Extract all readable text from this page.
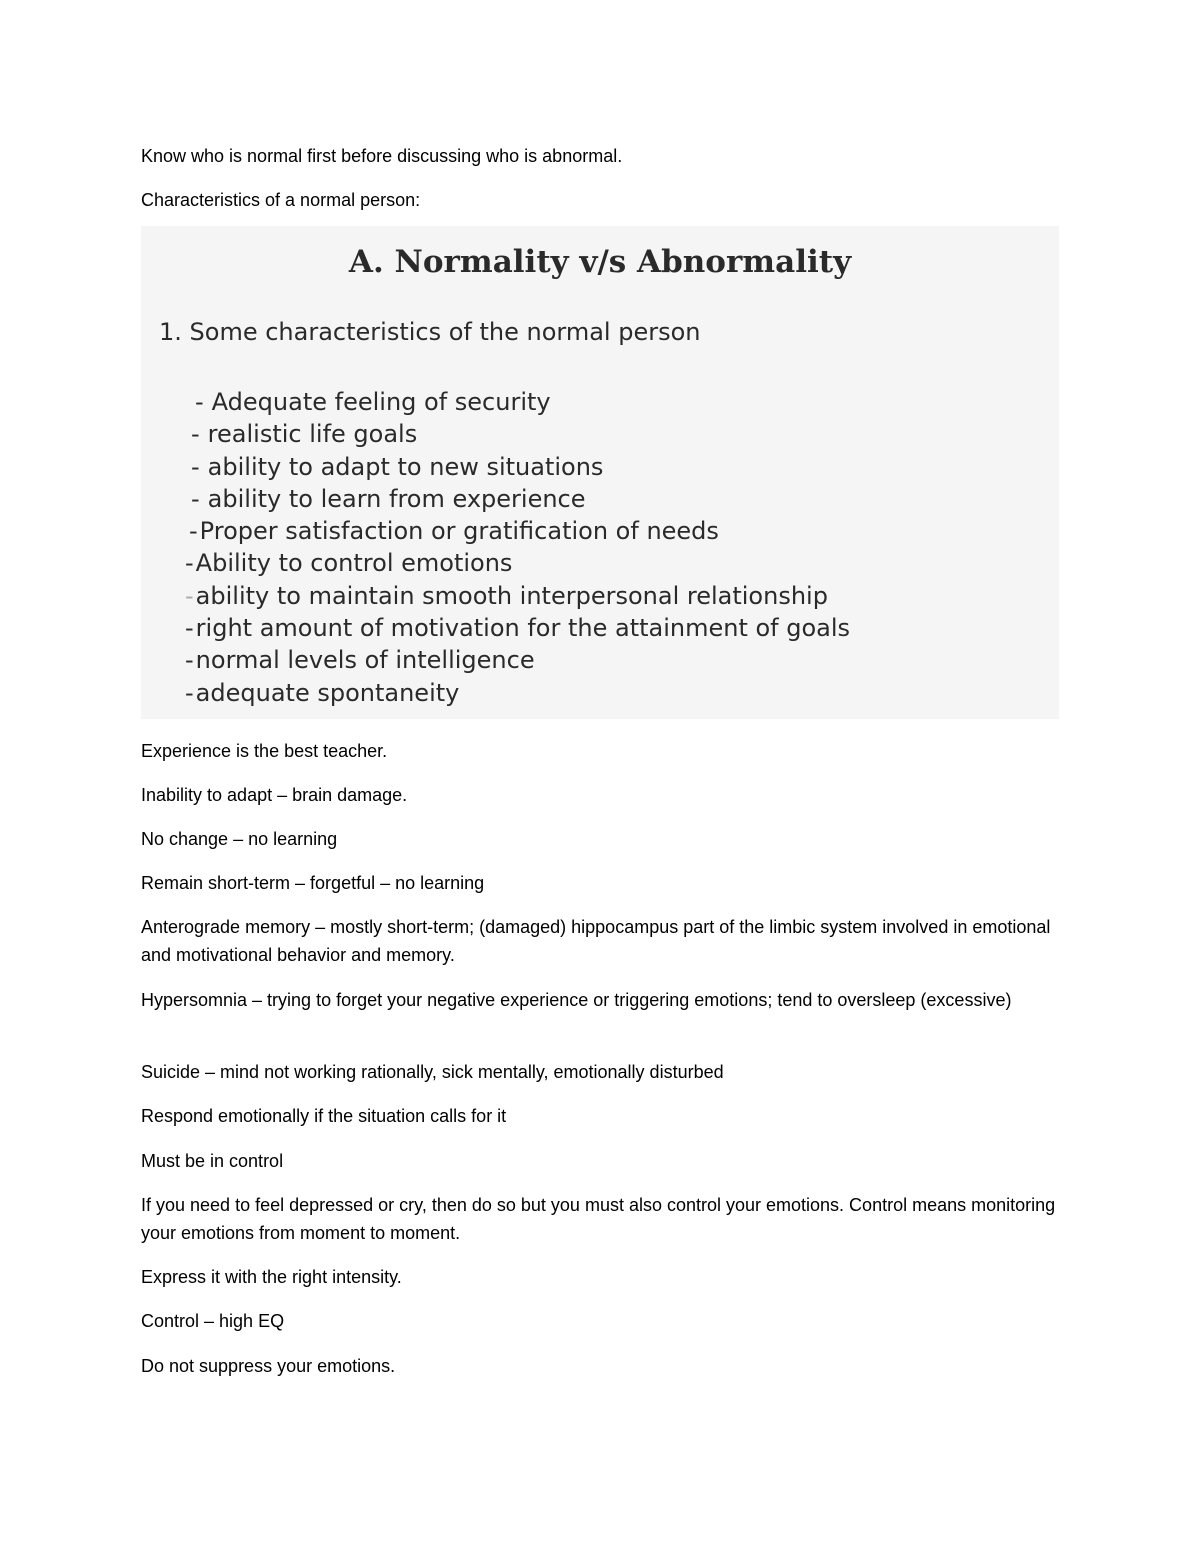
Know who is normal first before discussing who is abnormal.

Characteristics of a normal person:

A. Normality v/s Abnormality

1. Some characteristics of the normal person

- Adequate feeling of security
- realistic life goals
- ability to adapt to new situations
- ability to learn from experience
-Proper satisfaction or gratification of needs
-Ability to control emotions
-ability to maintain smooth interpersonal relationship
-right amount of motivation for the attainment of goals
-normal levels of intelligence
-adequate spontaneity

Experience is the best teacher.

Inability to adapt – brain damage.

No change – no learning

Remain short-term – forgetful – no learning

Anterograde memory – mostly short-term; (damaged) hippocampus part of the limbic system involved in emotional and motivational behavior and memory.

Hypersomnia – trying to forget your negative experience or triggering emotions; tend to oversleep (excessive)

Suicide – mind not working rationally, sick mentally, emotionally disturbed

Respond emotionally if the situation calls for it

Must be in control

If you need to feel depressed or cry, then do so but you must also control your emotions. Control means monitoring your emotions from moment to moment.

Express it with the right intensity.

Control – high EQ

Do not suppress your emotions.
